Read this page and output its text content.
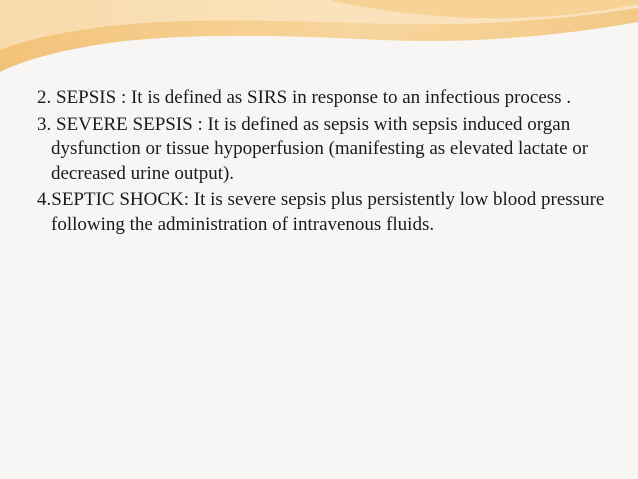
2. SEPSIS : It is defined as SIRS in response to an infectious process .

3. SEVERE SEPSIS : It is defined as sepsis with sepsis induced organ dysfunction or tissue hypoperfusion (manifesting as elevated lactate or decreased urine output).

4.SEPTIC SHOCK: It is severe sepsis plus persistently low blood pressure following the administration of intravenous fluids.
